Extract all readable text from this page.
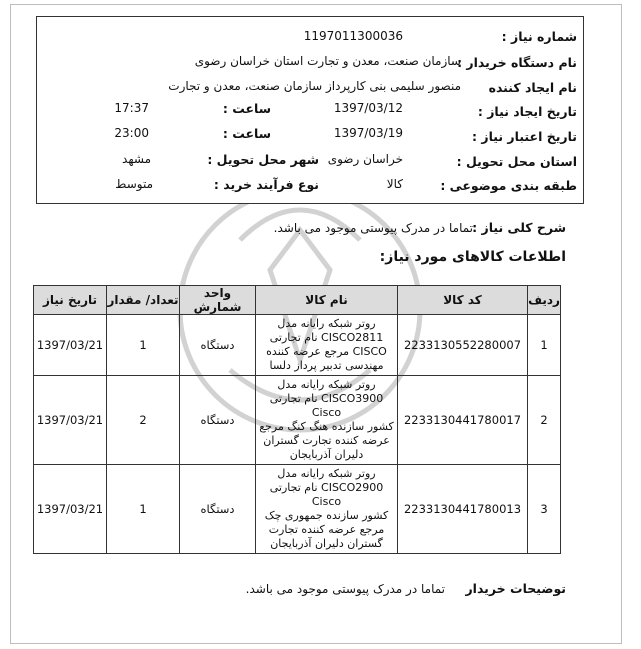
شماره نیاز :
1197011300036
نام دستگاه خریدار :
سازمان صنعت، معدن و تجارت استان خراسان رضوی
نام ایجاد کننده
منصور سلیمی بنی کارپرداز سازمان صنعت، معدن و تجارت
تاریخ ایجاد نیاز :
1397/03/12
ساعت :
17:37
تاریخ اعتبار نیاز :
1397/03/19
ساعت :
23:00
استان محل تحویل :
خراسان رضوی
شهر محل تحویل :
مشهد
طبقه بندی موضوعی :
کالا
نوع فرآیند خرید :
متوسط
شرح کلی نیاز :
تماما در مدرک پیوستی موجود می باشد.
اطلاعات کالاهای مورد نیاز:
ردیف	کد کالا	نام کالا	واحد شمارش	تعداد/ مقدار	تاریخ نیاز
1	2233130552280007	روتر شبکه رایانه مدل
CISCO2811 نام تجارتی
CISCO مرجع عرضه کننده
مهندسی تدبیر پرداز دلسا	دستگاه	1	1397/03/21
2	2233130441780017	روتر شبکه رایانه مدل
CISCO3900 نام تجارتی Cisco
کشور سازنده هنگ کنگ مرجع
عرضه کننده تجارت گستران
دلیران آذربایجان	دستگاه	2	1397/03/21
3	2233130441780013	روتر شبکه رایانه مدل
CISCO2900 نام تجارتی Cisco
کشور سازنده جمهوری چک
مرجع عرضه کننده تجارت
گستران دلیران آذربایجان	دستگاه	1	1397/03/21
توضیحات خریدار
تماما در مدرک پیوستی موجود می باشد.
